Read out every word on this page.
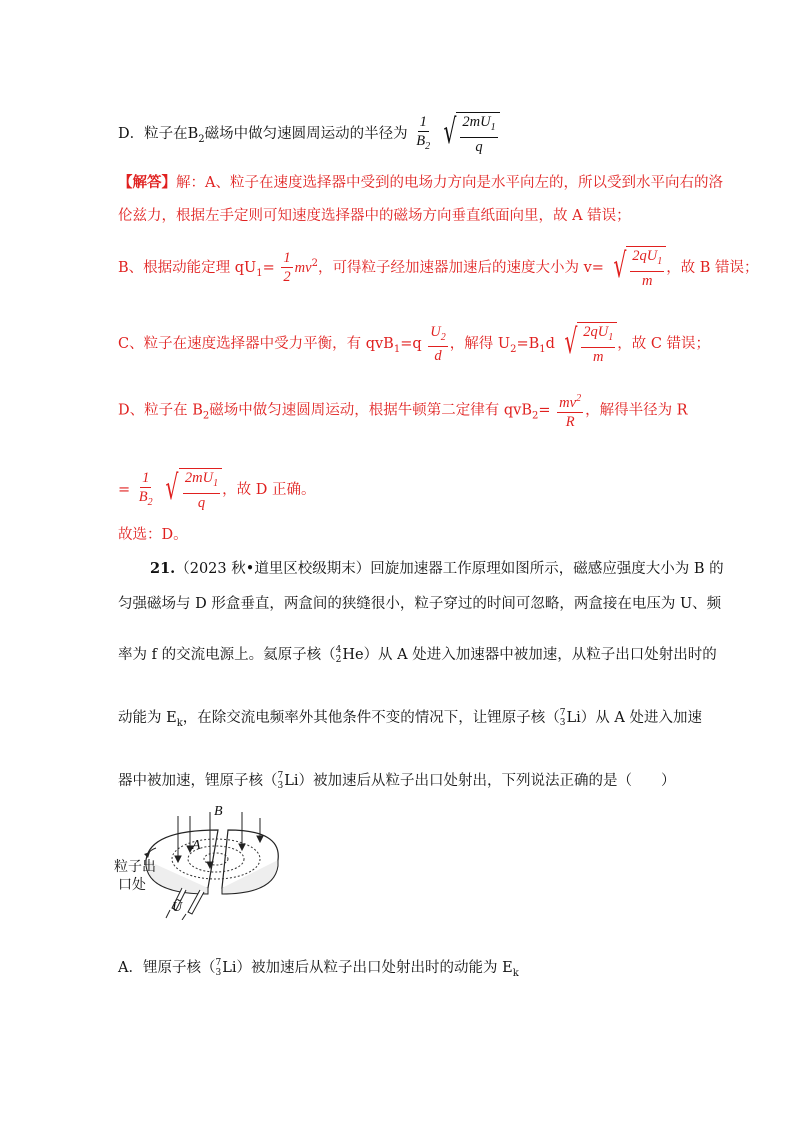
D．粒子在$B_2$磁场中做匀速圆周运动的半径为 $\frac{1}{B_2}$
√ $\frac{2mU_1}{q}$
【解答】解：A、粒子在速度选择器中受到的电场力方向是水平向左的，所以受到水平向右的洛
伦兹力，根据左手定则可知速度选择器中的磁场方向垂直纸面向里，故 A 错误；
B、根据动能定理 $qU_1= \frac{1}{2} mv^2$，可得粒子经加速器加速后的速度大小为 v= √ $\frac{2qU_1}{m}$ ，故 B 错误；
C、粒子在速度选择器中受力平衡，有 $qvB_1=q \frac{U_2}{d}$ ，解得 $U_2=B_1d$ √ $\frac{2qU_1}{m}$ ，故 C 错误；
D、粒子在 $B_2$磁场中做匀速圆周运动，根据牛顿第二定律有 $qvB_2= \frac{mv^2}{R}$ ，解得半径为 R
= $\frac{1}{B_2}$
√ $\frac{2mU_1}{q}$ ，故 D 正确。
故选：D。
21.（2023 秋•道里区校级期末）回旋加速器工作原理如图所示，磁感应强度大小为 B 的
匀强磁场与 D 形盒垂直，两盒间的狭缝很小，粒子穿过的时间可忽略，两盒接在电压为 U、频
率为 f 的交流电源上。氦原子核（ 4
2 He ）从 A 处进入加速器中被加速，从粒子出口处射出时的
动能为 $E_k$，在除交流电频率外其他条件不变的情况下，让锂原子核（ 7
3 Li ）从 A 处进入加速
器中被加速，锂原子核（ 7
3 Li ）被加速后从粒子出口处射出，下列说法正确的是（　　）
B
A
粒子出
口处
Ũ
A．锂原子核（ 7
3 Li ）被加速后从粒子出口处射出时的动能为 $E_k$
